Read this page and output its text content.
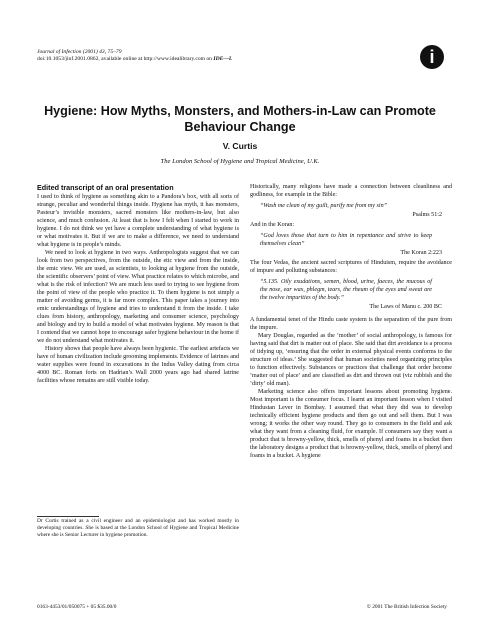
Journal of Infection (2001) 43, 75–79
doi:10.1053/jinf.2001.0862, available online at http://www.idealibrary.com on IDE—L	i
Hygiene: How Myths, Monsters, and Mothers-in-Law can Promote Behaviour Change
V. Curtis
The London School of Hygiene and Tropical Medicine, U.K.
Edited transcript of an oral presentation

I used to think of hygiene as something akin to a Pandora’s box, with all sorts of strange, peculiar and wonderful things inside. Hygiene has myth, it has monsters, Pasteur’s invisible monsters, sacred monsters like mothers-in-law, but also science, and much confusion. At least that is how I felt when I started to work in hygiene. I do not think we yet have a complete understanding of what hygiene is or what motivates it. But if we are to make a difference, we need to understand what hygiene is in people’s minds.

We need to look at hygiene in two ways. Anthropologists suggest that we can look from two perspectives, from the outside, the etic view and from the inside, the emic view. We are used, as scientists, to looking at hygiene from the outside, the scientific observers’ point of view. What practice relates to which microbe, and what is the risk of infection? We are much less used to trying to see hygiene from the point of view of the people who practice it. To them hygiene is not simply a matter of avoiding germs, it is far more complex. This paper takes a journey into emic understandings of hygiene and tries to understand it from the inside. I take clues from history, anthropology, marketing and consumer science, psychology and biology and try to build a model of what motivates hygiene. My reason is that I contend that we cannot hope to encourage safer hygiene behaviour in the home if we do not understand what motivates it.

History shows that people have always been hygienic. The earliest artefacts we have of human civilization include grooming implements. Evidence of latrines and water supplies were found in excavations in the Indus Valley dating from circa 4000 BC. Roman forts on Hadrian’s Wall 2000 years ago had shared latrine facilities whose remains are still visible today.

Historically, many religions have made a connection between cleanliness and godliness, for example in the Bible:

“Wash me clean of my guilt, purify me from my sin”
Psalms 51:2

And in the Koran:

“God loves those that turn to him in repentance and strive to keep themselves clean”
The Koran 2:223

The four Vedas, the ancient sacred scriptures of Hinduism, require the avoidance of impure and polluting substances:

“5.135. Oily exudations, semen, blood, urine, faeces, the mucous of the nose, ear wax, phlegm, tears, the rheum of the eyes and sweat are the twelve impurities of the body.”
The Laws of Manu c. 200 BC

A fundamental tenet of the Hindu caste system is the separation of the pure from the impure.

Mary Douglas, regarded as the ‘mother’ of social anthropology, is famous for having said that dirt is matter out of place. She said that dirt avoidance is a process of tidying up, ‘ensuring that the order in external physical events conforms to the structure of ideas.’ She suggested that human societies need organizing principles to function effectively. Substances or practices that challenge that order become ‘matter out of place’ and are classified as dirt and thrown out (viz rubbish and the ‘dirty’ old man).

Marketing science also offers important lessons about promoting hygiene. Most important is the consumer focus. I learnt an important lesson when I visited Hindustan Lever in Bombay. I assumed that what they did was to develop technically efficient hygiene products and then go out and sell them. But I was wrong; it works the other way round. They go to consumers in the field and ask what they want from a cleaning fluid, for example. If consumers say they want a product that is browny-yellow, thick, smells of phenyl and foams in a bucket then the laboratory designs a product that is browny-yellow, thick, smells of phenyl and foams in a bucket. A hygiene

Dr Curtis trained as a civil engineer and an epidemiologist and has worked mostly in developing countries. She is based at the London School of Hygiene and Tropical Medicine where she is Senior Lecturer in hygiene promotion.
0163-4453/01/050075 + 05 $35.00/0	© 2001 The British Infection Society
